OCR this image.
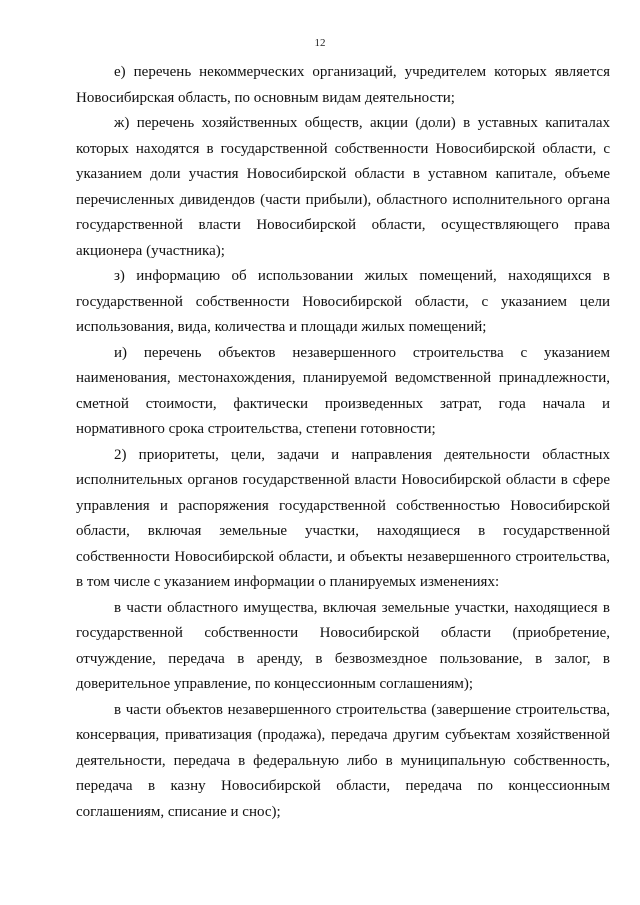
12

е) перечень некоммерческих организаций, учредителем которых является Новосибирская область, по основным видам деятельности;

ж) перечень хозяйственных обществ, акции (доли) в уставных капиталах которых находятся в государственной собственности Новосибирской области, с указанием доли участия Новосибирской области в уставном капитале, объеме перечисленных дивидендов (части прибыли), областного исполнительного органа государственной власти Новосибирской области, осуществляющего права акционера (участника);

з) информацию об использовании жилых помещений, находящихся в государственной собственности Новосибирской области, с указанием цели использования, вида, количества и площади жилых помещений;

и) перечень объектов незавершенного строительства с указанием наименования, местонахождения, планируемой ведомственной принадлежности, сметной стоимости, фактически произведенных затрат, года начала и нормативного срока строительства, степени готовности;

2) приоритеты, цели, задачи и направления деятельности областных исполнительных органов государственной власти Новосибирской области в сфере управления и распоряжения государственной собственностью Новосибирской области, включая земельные участки, находящиеся в государственной собственности Новосибирской области, и объекты незавершенного строительства, в том числе с указанием информации о планируемых изменениях:

в части областного имущества, включая земельные участки, находящиеся в государственной собственности Новосибирской области (приобретение, отчуждение, передача в аренду, в безвозмездное пользование, в залог, в доверительное управление, по концессионным соглашениям);

в части объектов незавершенного строительства (завершение строительства, консервация, приватизация (продажа), передача другим субъектам хозяйственной деятельности, передача в федеральную либо в муниципальную собственность, передача в казну Новосибирской области, передача по концессионным соглашениям, списание и снос);
